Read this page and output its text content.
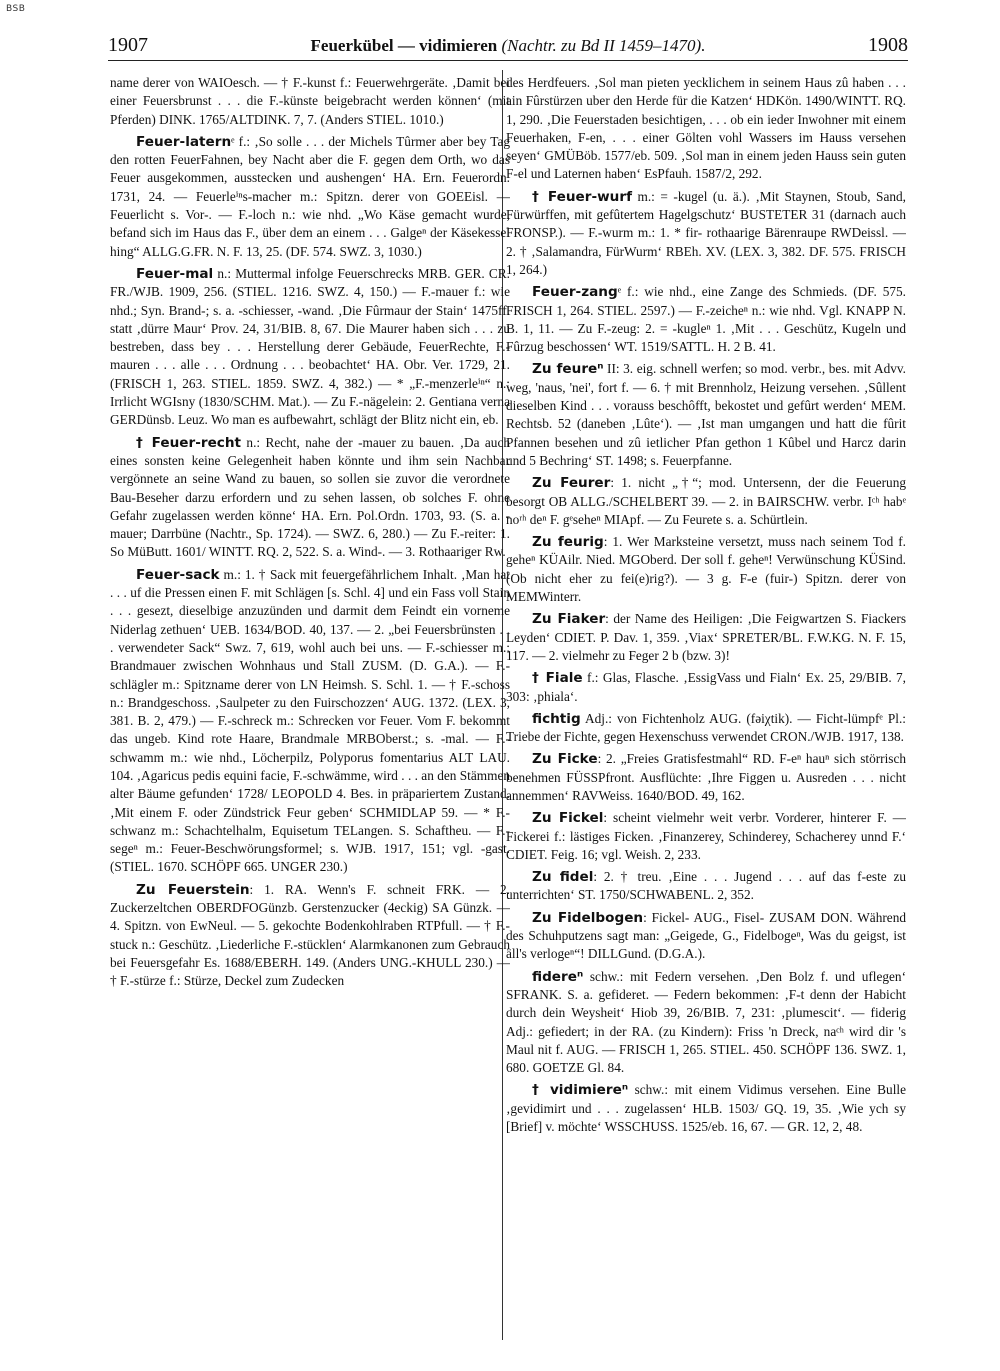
BSB
1907	Feuerkübel — vidimieren (Nachtr. zu Bd II 1459–1470).	1908

name derer von WAIOesch. — † F.-kunst f.: Feuerwehrgeräte. ‚Damit bei einer Feuersbrunst . . . die F.-künste beigebracht werden können‘ (mit Pferden) DINK. 1765/ALTDINK. 7, 7. (Anders STIEL. 1010.)

Feuer-laternᵉ f.: ‚So solle . . . der Michels Tûrmer aber bey Tag den rotten FeuerFahnen, bey Nacht aber die F. gegen dem Orth, wo das Feuer ausgekommen, ausstecken und aushengen‘ HA. Ern. Feuerordn. 1731, 24. — Feuerleⁱⁿs-macher m.: Spitzn. derer von GOEEisl. — Feuerlicht s. Vor-. — F.-loch n.: wie nhd. „Wo Käse gemacht wurde, befand sich im Haus das F., über dem an einem . . . Galgeⁿ der Käsekessel hing“ ALLG.G.FR. N. F. 13, 25. (DF. 574. SWZ. 3, 1030.)

Feuer-mal n.: Muttermal infolge Feuerschrecks MRB. GER. CR. FR./WJB. 1909, 256. (STIEL. 1216. SWZ. 4, 150.) — F.-mauer f.: wie nhd.; Syn. Brand-; s. a. -schiesser, -wand. ‚Die Fûrmaur der Stain‘ 1475ff. statt ‚dürre Maur‘ Prov. 24, 31/BIB. 8, 67. Die Maurer haben sich . . . zu bestreben, dass bey . . . Herstellung derer Gebäude, FeuerRechte, F.-mauren . . . alle . . . Ordnung . . . beobachtet‘ HA. Obr. Ver. 1729, 21. (FRISCH 1, 263. STIEL. 1859. SWZ. 4, 382.) — * „F.-menzerleⁱⁿ“ n.: Irrlicht WGIsny (1830/SCHM. Mat.). — Zu F.-nägelein: 2. Gentiana verna GERDünsb. Leuz. Wo man es aufbewahrt, schlägt der Blitz nicht ein, eb.

† Feuer-recht n.: Recht, nahe der -mauer zu bauen. ‚Da auch eines sonsten keine Gelegenheit haben könnte und ihm sein Nachbar vergönnete an seine Wand zu bauen, so sollen sie zuvor die verordnete Bau-Beseher darzu erfordern und zu sehen lassen, ob solches F. ohne Gefahr zugelassen werden könne‘ HA. Ern. Pol.Ordn. 1703, 93. (S. a. -mauer; Darrbüne (Nachtr., Sp. 1724). — SWZ. 6, 280.) — Zu F.-reiter: 1. So MüButt. 1601/ WINTT. RQ. 2, 522. S. a. Wind-. — 3. Rothaariger Rw.

Feuer-sack m.: 1. † Sack mit feuergefährlichem Inhalt. ‚Man hat . . . uf die Pressen einen F. mit Schlägen [s. Schl. 4] und ein Fass voll Stain . . . gesezt, dieselbige anzuzünden und darmit dem Feindt ein vorneme Niderlag zethuen‘ UEB. 1634/BOD. 40, 137. — 2. „bei Feuersbrünsten . . . verwendeter Sack“ Swz. 7, 619, wohl auch bei uns. — F.-schiesser m.: Brandmauer zwischen Wohnhaus und Stall ZUSM. (D. G.A.). — F.-schlägler m.: Spitzname derer von LN Heimsh. S. Schl. 1. — † F.-schoss n.: Brandgeschoss. ‚Saulpeter zu den Fuirschozzen‘ AUG. 1372. (LEX. 3, 381. B. 2, 479.) — F.-schreck m.: Schrecken vor Feuer. Vom F. bekommt das ungeb. Kind rote Haare, Brandmale MRBOberst.; s. -mal. — F.-schwamm m.: wie nhd., Löcherpilz, Polyporus fomentarius ALT LAU. 104. ‚Agaricus pedis equini facie, F.-schwämme, wird . . . an den Stämmen alter Bäume gefunden‘ 1728/ LEOPOLD 4. Bes. in präpariertem Zustand. ‚Mit einem F. oder Zündstrick Feur geben‘ SCHMIDLAP 59. — * F.-schwanz m.: Schachtelhalm, Equisetum TELangen. S. Schaftheu. — F.-segeⁿ m.: Feuer-Beschwörungsformel; s. WJB. 1917, 151; vgl. -gast. (STIEL. 1670. SCHÖPF 665. UNGER 230.)

Zu Feuerstein: 1. RA. Wenn's F. schneit FRK. — 2. Zuckerzeltchen OBERDFOGünzb. Gerstenzucker (4eckig) SA Günzk. — 4. Spitzn. von EwNeul. — 5. gekochte Bodenkohlraben RTPfull. — † F.-stuck n.: Geschütz. ‚Liederliche F.-stücklen‘ Alarmkanonen zum Gebrauch bei Feuersgefahr Es. 1688/EBERH. 149. (Anders UNG.-KHULL 230.) — † F.-stürze f.: Stürze, Deckel zum Zudecken

des Herdfeuers. ‚Sol man pieten yecklichem in seinem Haus zû haben . . . ain Fûrstürzen uber den Herde für die Katzen‘ HDKön. 1490/WINTT. RQ. 1, 290. ‚Die Feuerstaden besichtigen, . . . ob ein ieder Inwohner mit einem Feuerhaken, F-en, . . . einer Gölten vohl Wassers im Hauss versehen seyen‘ GMÜBöb. 1577/eb. 509. ‚Sol man in einem jeden Hauss sein guten F-el und Laternen haben‘ EsPfauh. 1587/2, 292.

† Feuer-wurf m.: = -kugel (u. ä.). ‚Mit Staynen, Stoub, Sand, Fürwürffen, mit gefûtertem Hagelgschutz‘ BUSTETER 31 (darnach auch FRONSP.). — F.-wurm m.: 1. * fir- rothaarige Bärenraupe RWDeissl. — 2. † ‚Salamandra, FürWurm‘ RBEh. XV. (LEX. 3, 382. DF. 575. FRISCH 1, 264.)

Feuer-zangᵉ f.: wie nhd., eine Zange des Schmieds. (DF. 575. FRISCH 1, 264. STIEL. 2597.) — F.-zeicheⁿ n.: wie nhd. Vgl. KNAPP N. B. 1, 11. — Zu F.-zeug: 2. = -kugleⁿ 1. ‚Mit . . . Geschütz, Kugeln und Fûrzug beschossen‘ WT. 1519/SATTL. H. 2 B. 41.

Zu feureⁿ II: 3. eig. schnell werfen; so mod. verbr., bes. mit Advv. weg, 'naus, 'nei', fort f. — 6. † mit Brennholz, Heizung versehen. ‚Sûllent dieselben Kind . . . vorauss beschôfft, bekostet und gefûrt werden‘ MEM. Rechtsb. 52 (daneben ‚Lûte‘). — ‚Ist man umgangen und hatt die fûrit Pfannen besehen und zû ietlicher Pfan gethon 1 Kûbel und Harcz darin und 5 Bechring‘ ST. 1498; s. Feuerpfanne.

Zu Feurer: 1. nicht „†“; mod. Untersenn, der die Feuerung besorgt OB ALLG./SCHELBERT 39. — 2. in BAIRSCHW. verbr. Iᶜʰ habᵉ noʳʰ deⁿ F. gᵉseheⁿ MIApf. — Zu Feurete s. a. Schürtlein.

Zu feurig: 1. Wer Marksteine versetzt, muss nach seinem Tod f. geheⁿ KÜAilr. Nied. MGOberd. Der soll f. geheⁿ! Verwünschung KÜSind. (Ob nicht eher zu fei(e)rig?). — 3 g. F-e (fuir-) Spitzn. derer von MEMWinterr.

Zu Fiaker: der Name des Heiligen: ‚Die Feigwartzen S. Fiackers Leyden‘ CDIET. P. Dav. 1, 359. ‚Viax‘ SPRETER/BL. F.W.KG. N. F. 15, 117. — 2. vielmehr zu Feger 2 b (bzw. 3)!

† Fiale f.: Glas, Flasche. ‚EssigVass und Fialn‘ Ex. 25, 29/BIB. 7, 303: ‚phiala‘.

fichtig Adj.: von Fichtenholz AUG. (fəiχtik). — Ficht-lümpfᵉ Pl.: Triebe der Fichte, gegen Hexenschuss verwendet CRON./WJB. 1917, 138.

Zu Ficke: 2. „Freies Gratisfestmahl“ RD. F-eⁿ hauⁿ sich störrisch benehmen FÜSSPfront. Ausflüchte: ‚Ihre Figgen u. Ausreden . . . nicht annemmen‘ RAVWeiss. 1640/BOD. 49, 162.

Zu Fickel: scheint vielmehr weit verbr. Vorderer, hinterer F. — Fickerei f.: lästiges Ficken. ‚Finanzerey, Schinderey, Schacherey unnd F.‘ CDIET. Feig. 16; vgl. Weish. 2, 233.

Zu fidel: 2. † treu. ‚Eine . . . Jugend . . . auf das f-este zu unterrichten‘ ST. 1750/SCHWABENL. 2, 352.

Zu Fidelbogen: Fickel- AUG., Fisel- ZUSAM DON. Während des Schuhputzens sagt man: „Geigede, G., Fidelbogeⁿ, Was du geigst, ist äll's verlogeⁿ“! DILLGund. (D.G.A.).

fidereⁿ schw.: mit Federn versehen. ‚Den Bolz f. und uflegen‘ SFRANK. S. a. gefideret. — Federn bekommen: ‚F-t denn der Habicht durch dein Weysheit‘ Hiob 39, 26/BIB. 7, 231: ‚plumescit‘. — fiderig Adj.: gefiedert; in der RA. (zu Kindern): Friss 'n Dreck, naᶜʰ wird dir 's Maul nit f. AUG. — FRISCH 1, 265. STIEL. 450. SCHÖPF 136. SWZ. 1, 680. GOETZE Gl. 84.

† vidimiereⁿ schw.: mit einem Vidimus versehen. Eine Bulle ‚gevidimirt und . . . zugelassen‘ HLB. 1503/ GQ. 19, 35. ‚Wie ych sy [Brief] v. möchte‘ WSSCHUSS. 1525/eb. 16, 67. — GR. 12, 2, 48.
